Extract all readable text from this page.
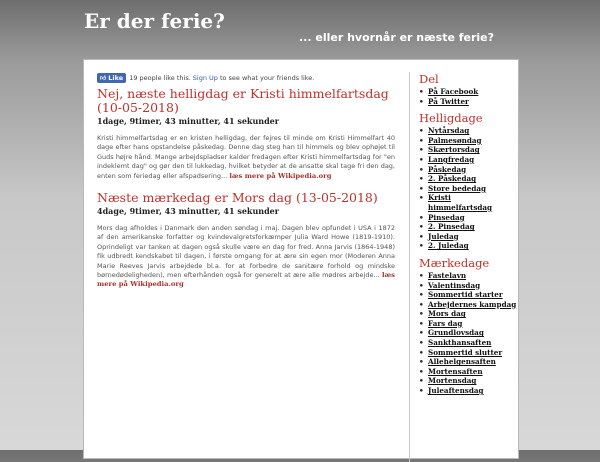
Er der ferie?

... eller hvornår er næste ferie?

👍︎ Like 19 people like this. Sign Up to see what your friends like.
Nej, næste helligdag er Kristi himmelfartsdag (10-05-2018)
1dage, 9timer, 43 minutter, 41 sekunder
Kristi himmelfartsdag er en kristen helligdag, der fejres til minde om Kristi Himmelfart 40 dage efter hans opstandelse påskedag. Denne dag steg han til himmels og blev ophøjet til Guds højre hånd. Mange arbejdspladser kalder fredagen efter Kristi himmelfartsdag for "en indeklemt dag" og gør den til lukkedag, hvilket betyder at de ansatte skal tage fri den dag, enten som feriedag eller afspadsering... læs mere på Wikipedia.org
Næste mærkedag er Mors dag (13-05-2018)
4dage, 9timer, 43 minutter, 41 sekunder
Mors dag afholdes i Danmark den anden søndag i maj. Dagen blev opfundet i USA i 1872 af den amerikanske forfatter og kvindevalgretsforkæmper Julia Ward Howe (1819-1910). Oprindeligt var tanken at dagen også skulle være en dag for fred. Anna Jarvis (1864-1948) fik udbredt kendskabet til dagen, i første omgang for at ære sin egen mor (Moderen Anna Marie Reeves Jarvis arbejdede bl.a. for at forbedre de sanitære forhold og mindske børnedødeligheden), men efterhånden også for generelt at ære alle mødres arbejde... læs mere på Wikipedia.org
Del
• På Facebook
• På Twitter
Helligdage
• Nytårsdag
• Palmesøndag
• Skærtorsdag
• Langfredag
• Påskedag
• 2. Påskedag
• Store bededag
• Kristi himmelfartsdag
• Pinsedag
• 2. Pinsedag
• Juledag
• 2. Juledag
Mærkedage
• Fastelavn
• Valentinsdag
• Sommertid starter
• Arbejdernes kampdag
• Mors dag
• Fars dag
• Grundlovsdag
• Sankthansaften
• Sommertid slutter
• Allehelgensaften
• Mortensaften
• Mortensdag
• Juleaftensdag
